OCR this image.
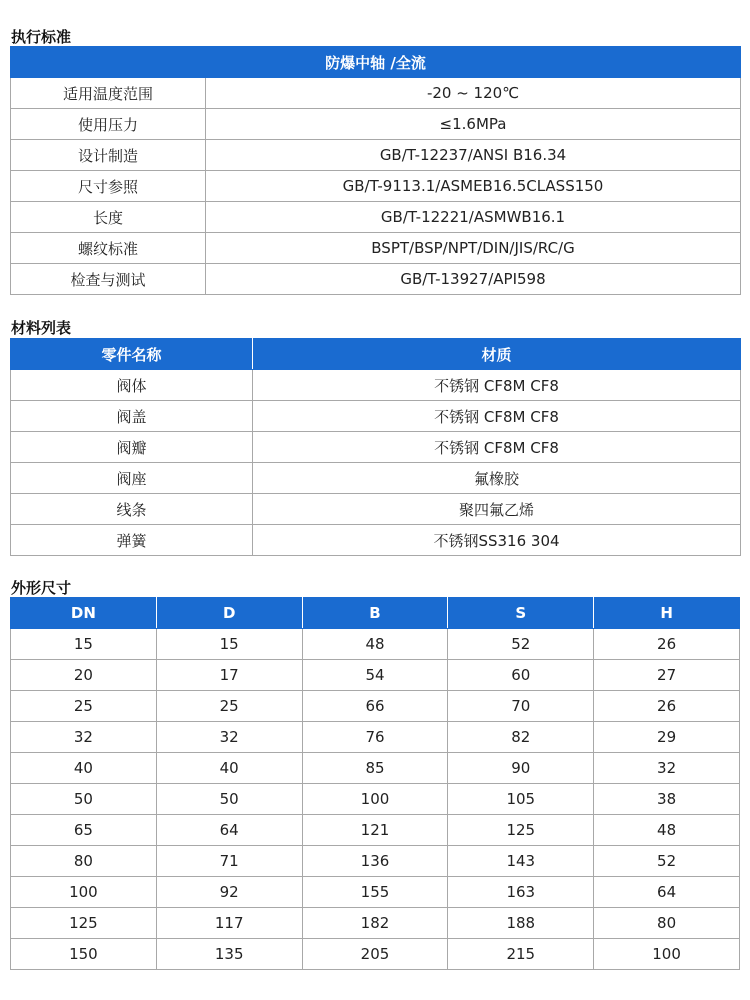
执行标准
防爆中轴 /全流	
适用温度范围	-20 ~ 120℃
使用压力	≤1.6MPa
设计制造	GB/T-12237/ANSI B16.34
尺寸参照	GB/T-9113.1/ASMEB16.5CLASS150
长度	GB/T-12221/ASMWB16.1
螺纹标准	BSPT/BSP/NPT/DIN/JIS/RC/G
检查与测试	GB/T-13927/API598
材料列表
零件名称	材质
阀体	不锈钢 CF8M CF8
阀盖	不锈钢 CF8M CF8
阀瓣	不锈钢 CF8M CF8
阀座	氟橡胶
线条	聚四氟乙烯
弹簧	不锈钢SS316 304
外形尺寸
DN	D	B	S	H
15	15	48	52	26
20	17	54	60	27
25	25	66	70	26
32	32	76	82	29
40	40	85	90	32
50	50	100	105	38
65	64	121	125	48
80	71	136	143	52
100	92	155	163	64
125	117	182	188	80
150	135	205	215	100
